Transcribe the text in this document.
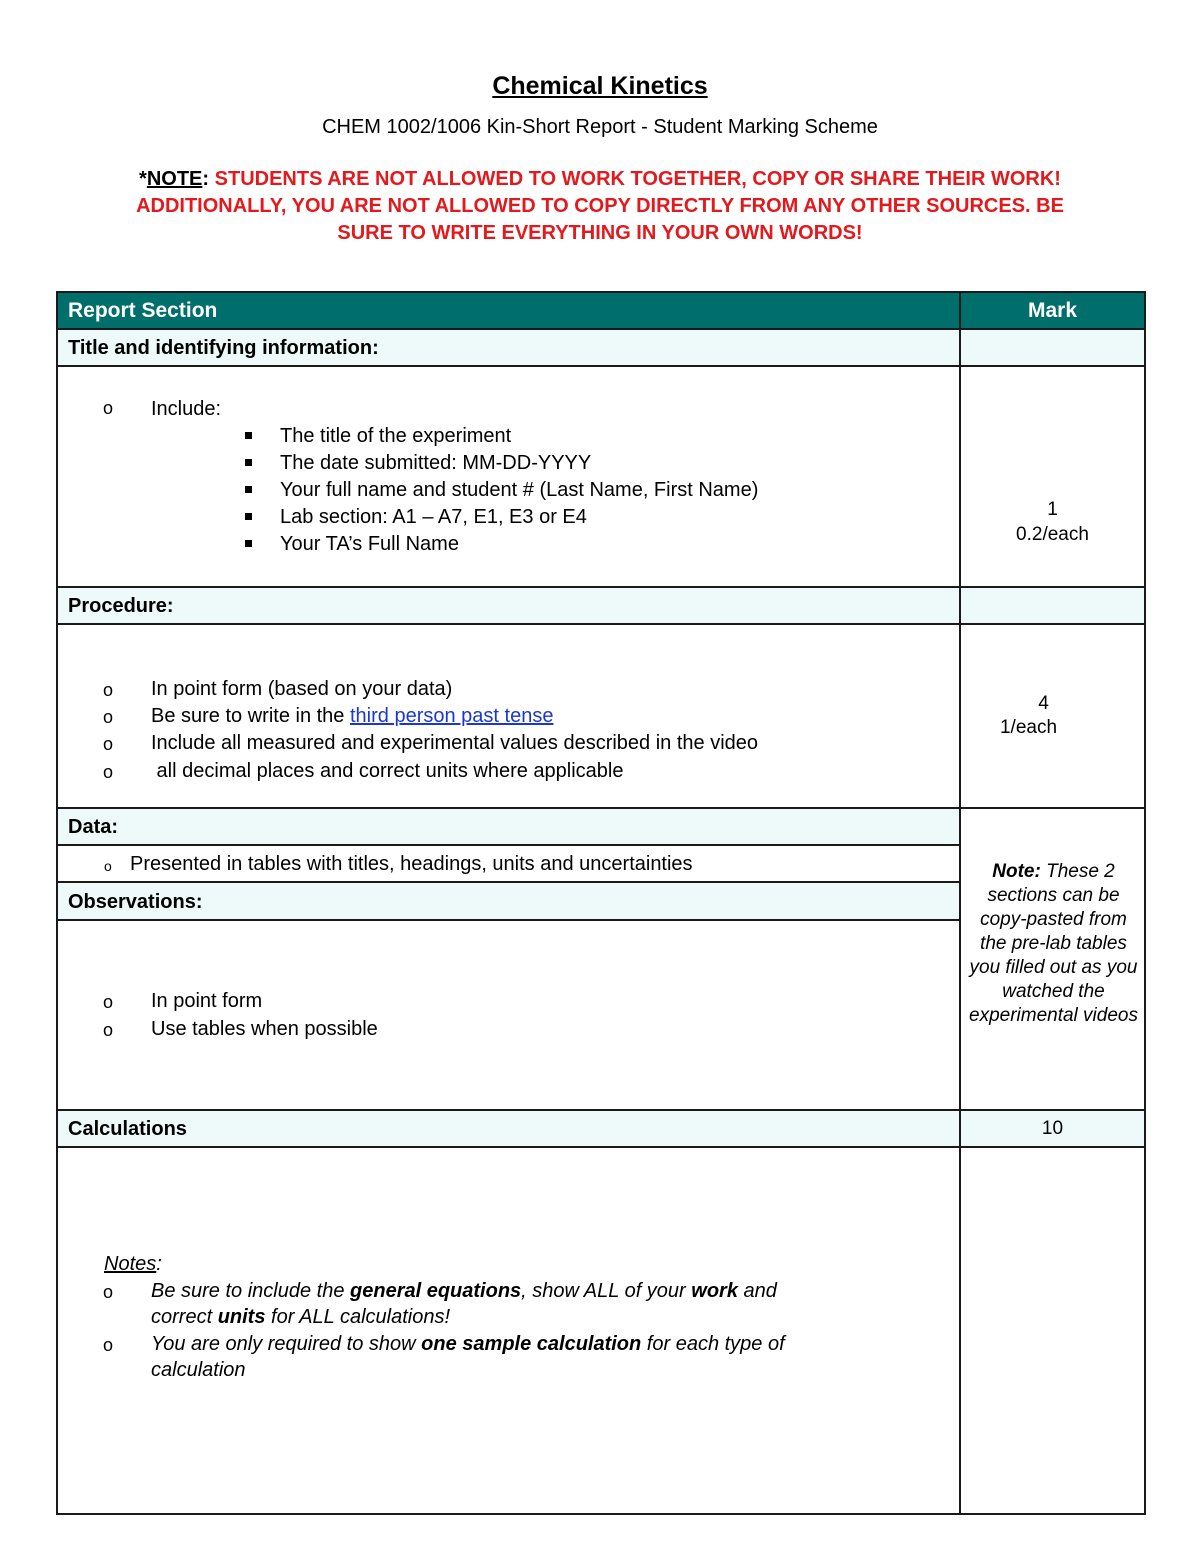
Chemical Kinetics
CHEM 1002/1006 Kin-Short Report - Student Marking Scheme
*NOTE: STUDENTS ARE NOT ALLOWED TO WORK TOGETHER, COPY OR SHARE THEIR WORK!
ADDITIONALLY, YOU ARE NOT ALLOWED TO COPY DIRECTLY FROM ANY OTHER SOURCES. BE
SURE TO WRITE EVERYTHING IN YOUR OWN WORDS!
Report Section	Mark
Title and identifying information:
o Include:
The title of the experiment
The date submitted: MM-DD-YYYY
Your full name and student # (Last Name, First Name)
Lab section: A1 – A7, E1, E3 or E4
Your TA’s Full Name
1
0.2/each
Procedure:
o In point form (based on your data)
o Be sure to write in the third person past tense
o Include all measured and experimental values described in the video
o all decimal places and correct units where applicable
4
1/each
Data:
o Presented in tables with titles, headings, units and uncertainties
Observations:
o In point form
o Use tables when possible
Note: These 2 sections can be copy-pasted from the pre-lab tables you filled out as you watched the experimental videos
Calculations	10
Notes:
o Be sure to include the general equations, show ALL of your work and
correct units for ALL calculations!
o You are only required to show one sample calculation for each type of
calculation
